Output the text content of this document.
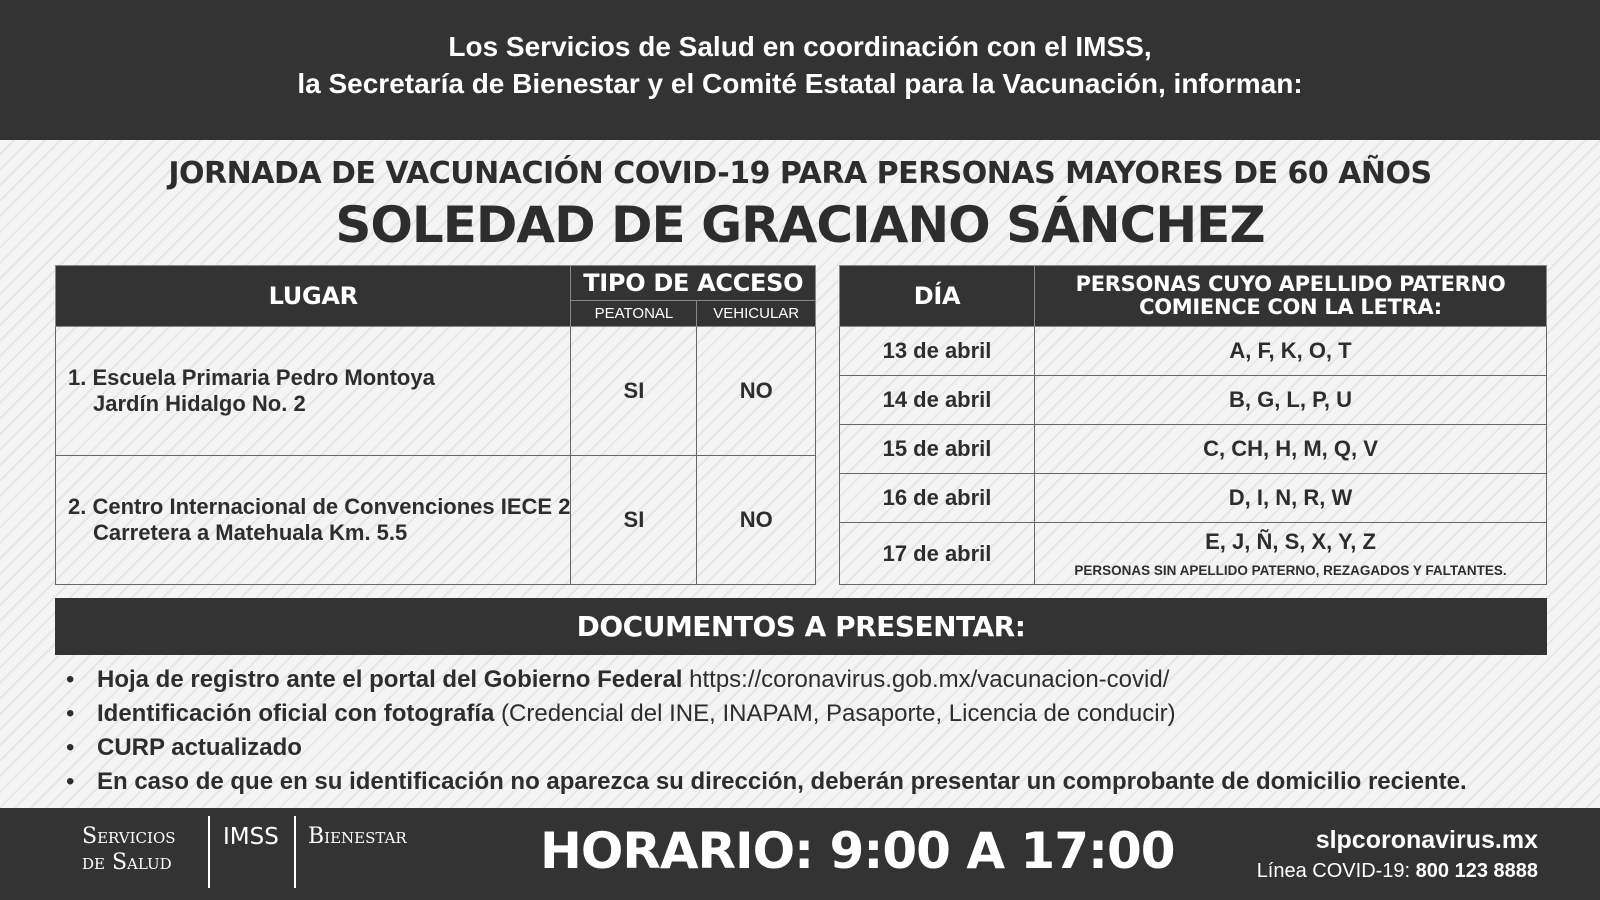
Los Servicios de Salud en coordinación con el IMSS,
la Secretaría de Bienestar y el Comité Estatal para la Vacunación, informan:
JORNADA DE VACUNACIÓN COVID-19 PARA PERSONAS MAYORES DE 60 AÑOS
SOLEDAD DE GRACIANO SÁNCHEZ
LUGAR	TIPO DE ACCESO	
	PEATONAL	VEHICULAR

1. Escuela Primaria Pedro Montoya
Jardín Hidalgo No. 2	SI	NO

2. Centro Internacional de Convenciones IECE 2
Carretera a Matehuala Km. 5.5	SI	NO
DÍA	PERSONAS CUYO APELLIDO PATERNO
COMIENCE CON LA LETRA:

13 de abril	A, F, K, O, T
14 de abril	B, G, L, P, U
15 de abril	C, CH, H, M, Q, V
16 de abril	D, I, N, R, W
17 de abril	E, J, Ñ, S, X, Y, Z
PERSONAS SIN APELLIDO PATERNO, REZAGADOS Y FALTANTES.
DOCUMENTOS A PRESENTAR:
• Hoja de registro ante el portal del Gobierno Federal https://coronavirus.gob.mx/vacunacion-covid/
• Identificación oficial con fotografía (Credencial del INE, INAPAM, Pasaporte, Licencia de conducir)
• CURP actualizado
• En caso de que en su identificación no aparezca su dirección, deberán presentar un comprobante de domicilio reciente.
Servicios
de Salud
IMSS Bienestar	HORARIO: 9:00 A 17:00	slpcoronavirus.mx
Línea COVID-19: 800 123 8888
